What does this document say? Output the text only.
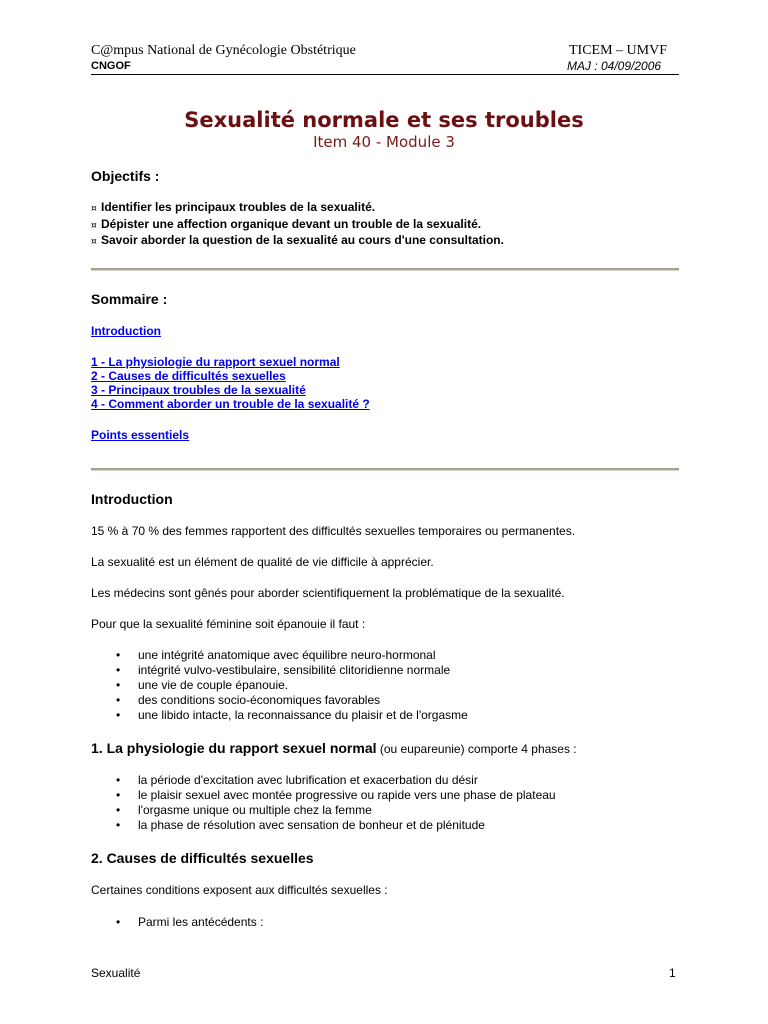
C@mpus National de Gynécologie Obstétrique
CNGOF
TICEM – UMVF
MAJ : 04/09/2006
Sexualité normale et ses troubles
Item 40 - Module 3
Objectifs :
¤ Identifier les principaux troubles de la sexualité.
¤ Dépister une affection organique devant un trouble de la sexualité.
¤ Savoir aborder la question de la sexualité au cours d'une consultation.
Sommaire :
Introduction
1 - La physiologie du rapport sexuel normal
2 - Causes de difficultés sexuelles
3 - Principaux troubles de la sexualité
4 - Comment aborder un trouble de la sexualité ?
Points essentiels
Introduction
15 % à 70 % des femmes rapportent des difficultés sexuelles temporaires ou permanentes.
La sexualité est un élément de qualité de vie difficile à apprécier.
Les médecins sont gênés pour aborder scientifiquement la problématique de la sexualité.
Pour que la sexualité féminine soit épanouie il faut :
• une intégrité anatomique avec équilibre neuro-hormonal
• intégrité vulvo-vestibulaire, sensibilité clitoridienne normale
• une vie de couple épanouie.
• des conditions socio-économiques favorables
• une libido intacte, la reconnaissance du plaisir et de l'orgasme
1. La physiologie du rapport sexuel normal (ou eupareunie) comporte 4 phases :
• la période d'excitation avec lubrification et exacerbation du désir
• le plaisir sexuel avec montée progressive ou rapide vers une phase de plateau
• l'orgasme unique ou multiple chez la femme
• la phase de résolution avec sensation de bonheur et de plénitude
2. Causes de difficultés sexuelles
Certaines conditions exposent aux difficultés sexuelles :
• Parmi les antécédents :
Sexualité	1
